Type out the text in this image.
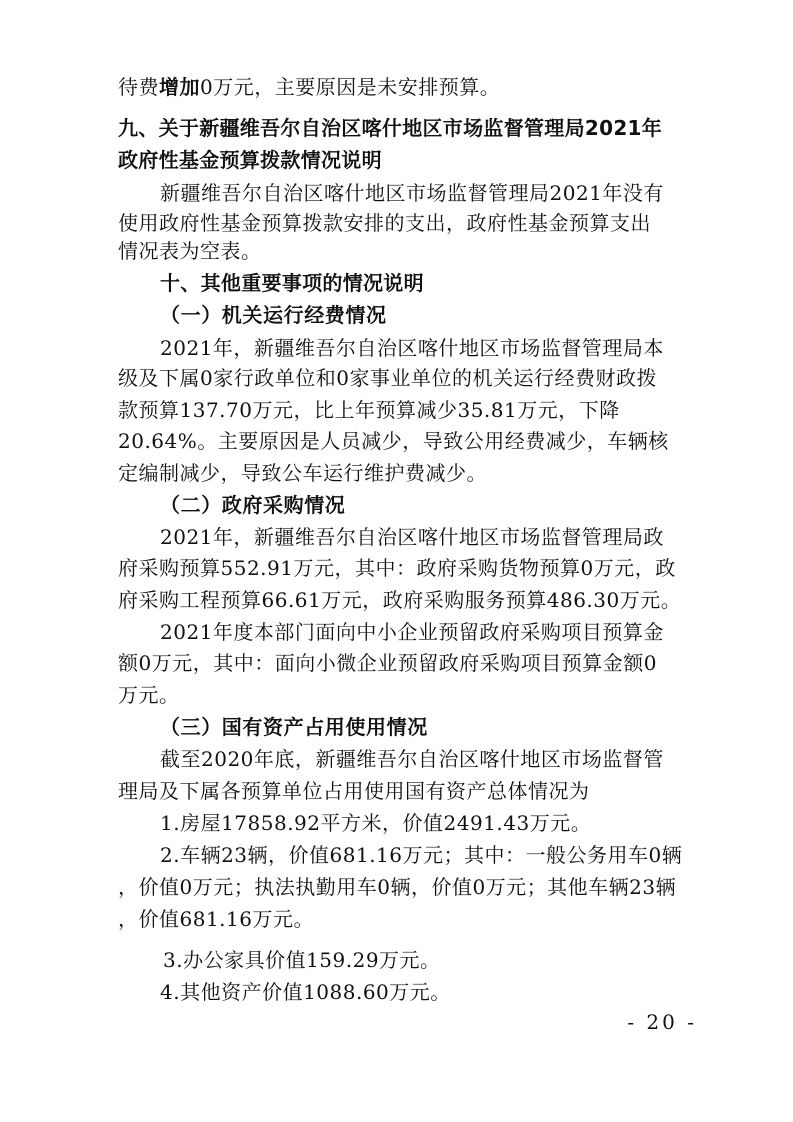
待费增加0万元，主要原因是未安排预算。
九、关于新疆维吾尔自治区喀什地区市场监督管理局2021年
政府性基金预算拨款情况说明
新疆维吾尔自治区喀什地区市场监督管理局2021年没有
使用政府性基金预算拨款安排的支出，政府性基金预算支出
情况表为空表。
十、其他重要事项的情况说明
（一）机关运行经费情况
2021年，新疆维吾尔自治区喀什地区市场监督管理局本
级及下属0家行政单位和0家事业单位的机关运行经费财政拨
款预算137.70万元，比上年预算减少35.81万元，下降
20.64%。主要原因是人员减少，导致公用经费减少，车辆核
定编制减少，导致公车运行维护费减少。
（二）政府采购情况
2021年，新疆维吾尔自治区喀什地区市场监督管理局政
府采购预算552.91万元，其中：政府采购货物预算0万元，政
府采购工程预算66.61万元，政府采购服务预算486.30万元。
2021年度本部门面向中小企业预留政府采购项目预算金
额0万元，其中：面向小微企业预留政府采购项目预算金额0
万元。
（三）国有资产占用使用情况
截至2020年底，新疆维吾尔自治区喀什地区市场监督管
理局及下属各预算单位占用使用国有资产总体情况为
1.房屋17858.92平方米，价值2491.43万元。
2.车辆23辆，价值681.16万元；其中：一般公务用车0辆
，价值0万元；执法执勤用车0辆，价值0万元；其他车辆23辆
，价值681.16万元。
3.办公家具价值159.29万元。
4.其他资产价值1088.60万元。
- 20 -
